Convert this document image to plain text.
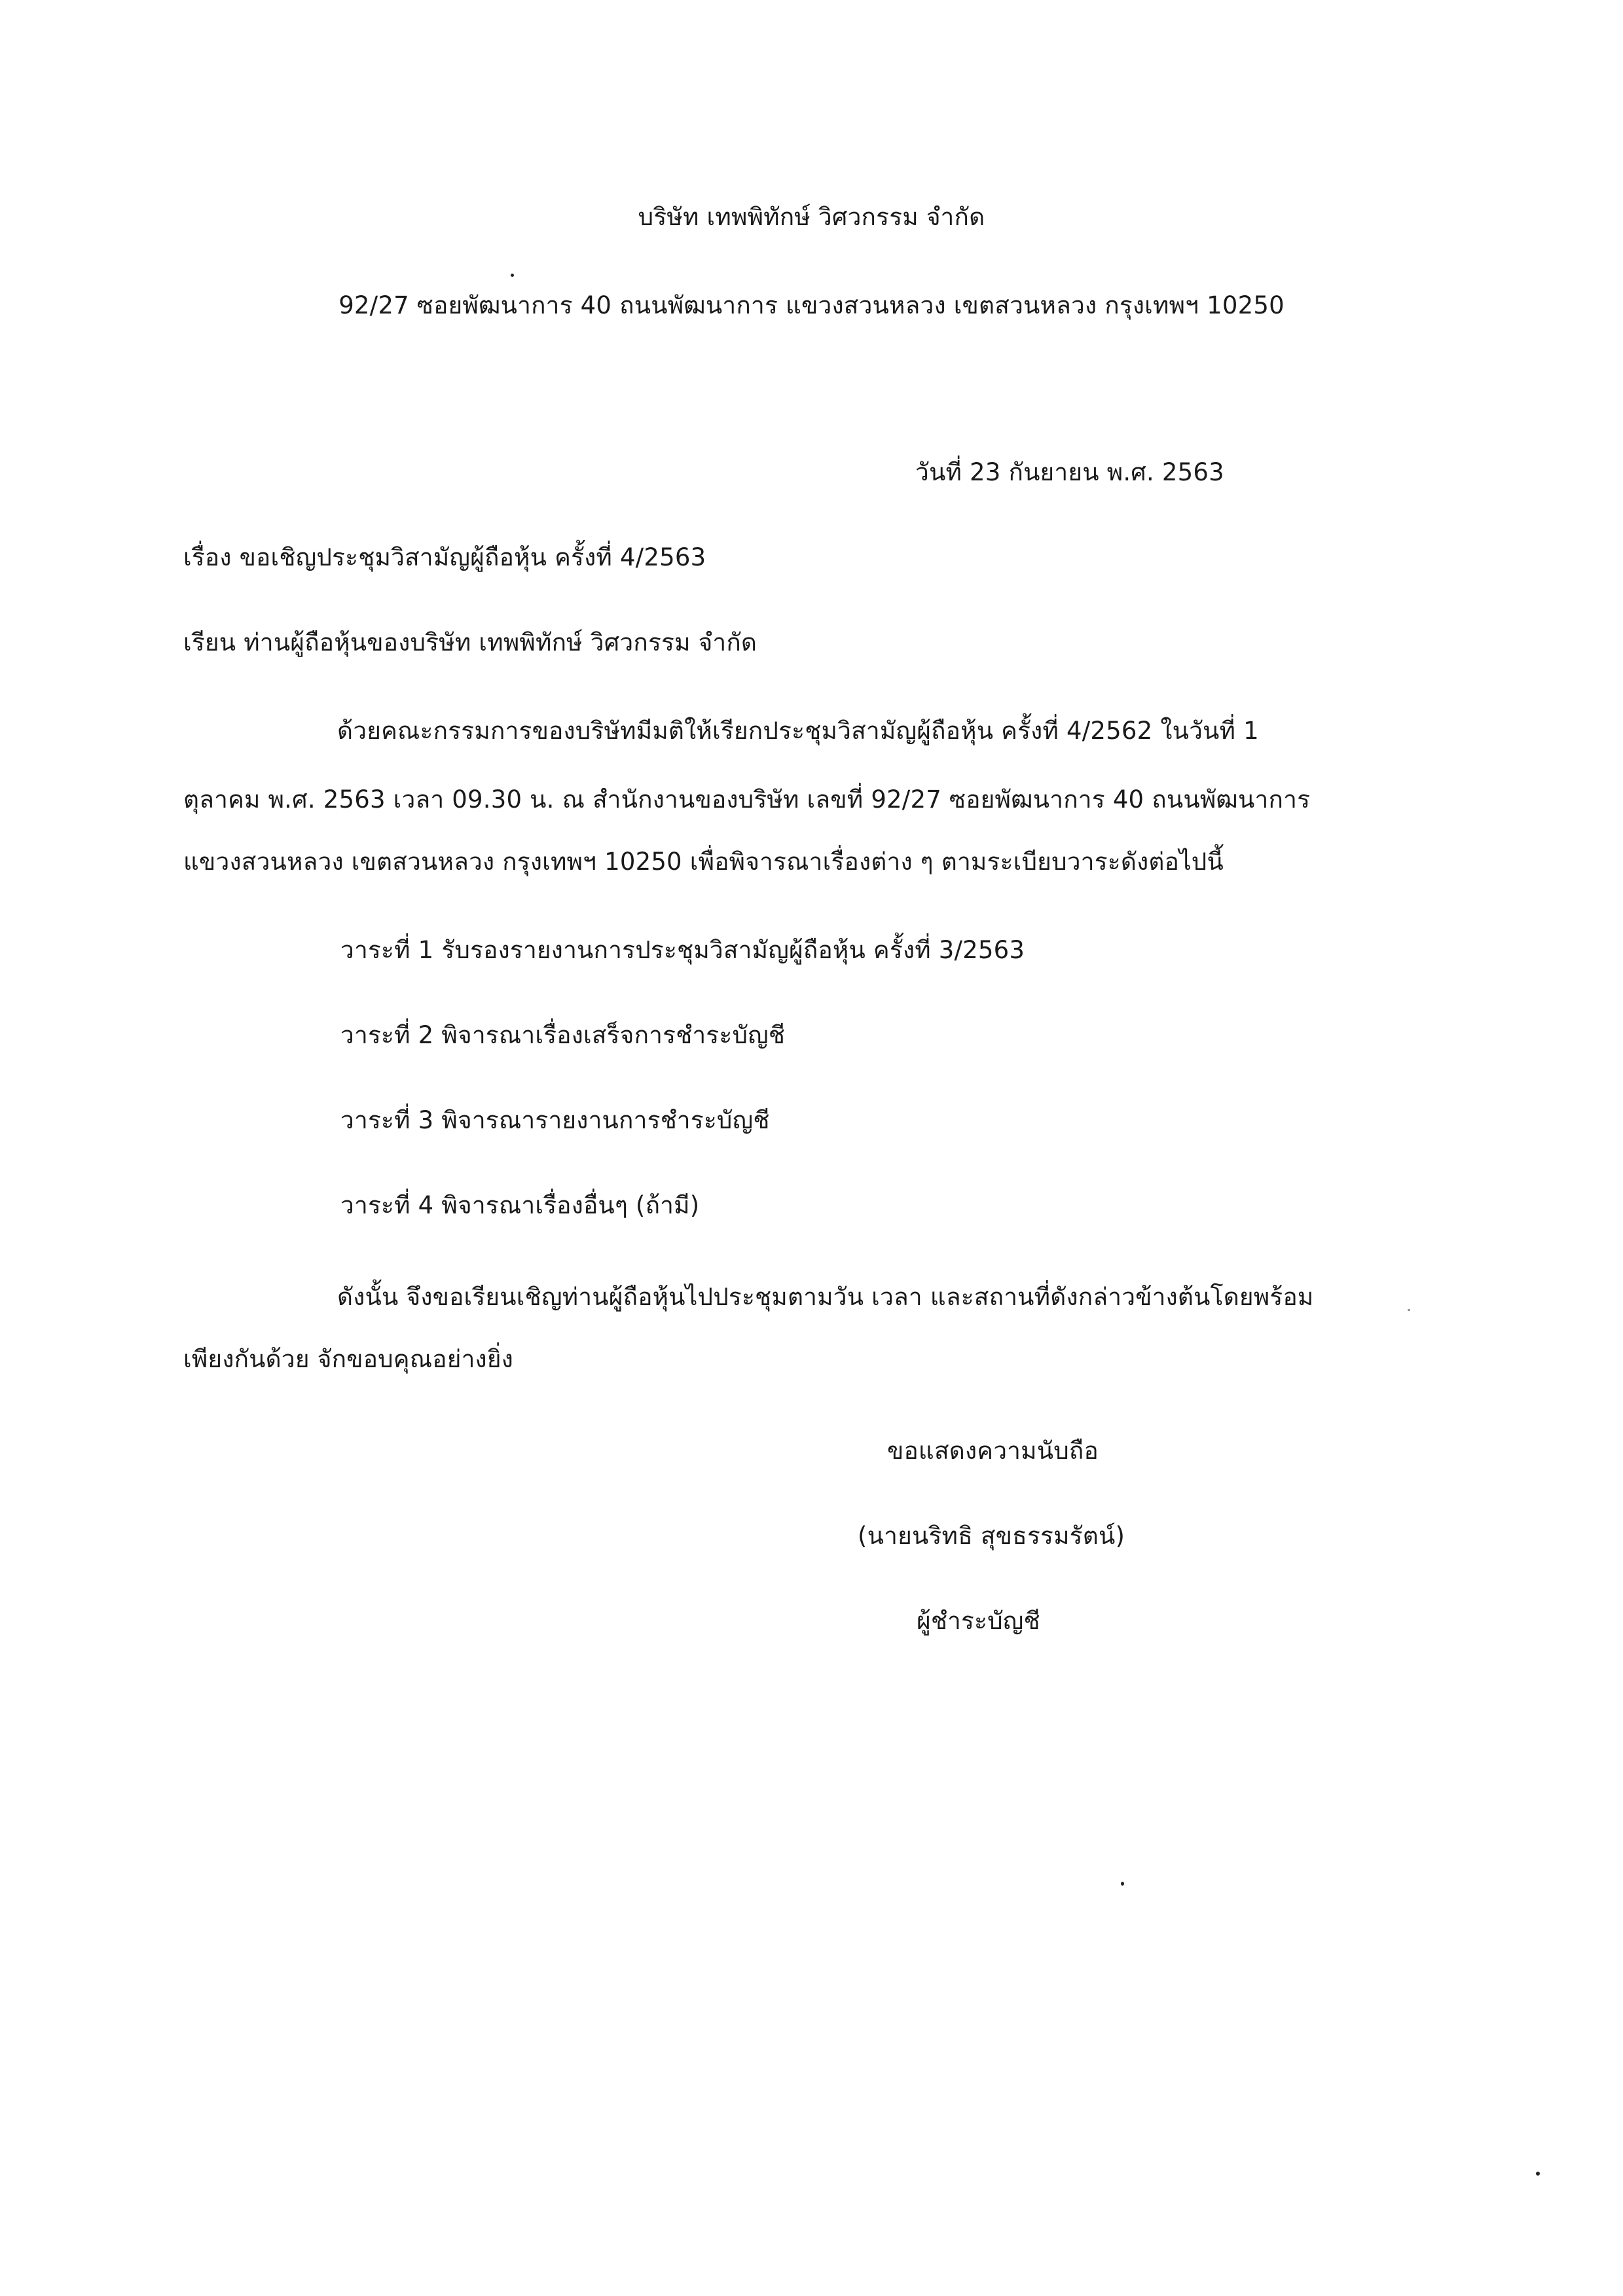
บริษัท เทพพิทักษ์ วิศวกรรม จำกัด
92/27 ซอยพัฒนาการ 40 ถนนพัฒนาการ แขวงสวนหลวง เขตสวนหลวง กรุงเทพฯ 10250
วันที่ 23 กันยายน พ.ศ. 2563
เรื่อง ขอเชิญประชุมวิสามัญผู้ถือหุ้น ครั้งที่ 4/2563
เรียน ท่านผู้ถือหุ้นของบริษัท เทพพิทักษ์ วิศวกรรม จำกัด
ด้วยคณะกรรมการของบริษัทมีมติให้เรียกประชุมวิสามัญผู้ถือหุ้น ครั้งที่ 4/2562 ในวันที่ 1
ตุลาคม พ.ศ. 2563 เวลา 09.30 น. ณ สำนักงานของบริษัท เลขที่ 92/27 ซอยพัฒนาการ 40 ถนนพัฒนาการ
แขวงสวนหลวง เขตสวนหลวง กรุงเทพฯ 10250 เพื่อพิจารณาเรื่องต่าง ๆ ตามระเบียบวาระดังต่อไปนี้
วาระที่ 1 รับรองรายงานการประชุมวิสามัญผู้ถือหุ้น ครั้งที่ 3/2563
วาระที่ 2 พิจารณาเรื่องเสร็จการชำระบัญชี
วาระที่ 3 พิจารณารายงานการชำระบัญชี
วาระที่ 4 พิจารณาเรื่องอื่นๆ (ถ้ามี)
ดังนั้น จึงขอเรียนเชิญท่านผู้ถือหุ้นไปประชุมตามวัน เวลา และสถานที่ดังกล่าวข้างต้นโดยพร้อม
เพียงกันด้วย จักขอบคุณอย่างยิ่ง
ขอแสดงความนับถือ
(นายนริทธิ สุขธรรมรัตน์)
ผู้ชำระบัญชี
